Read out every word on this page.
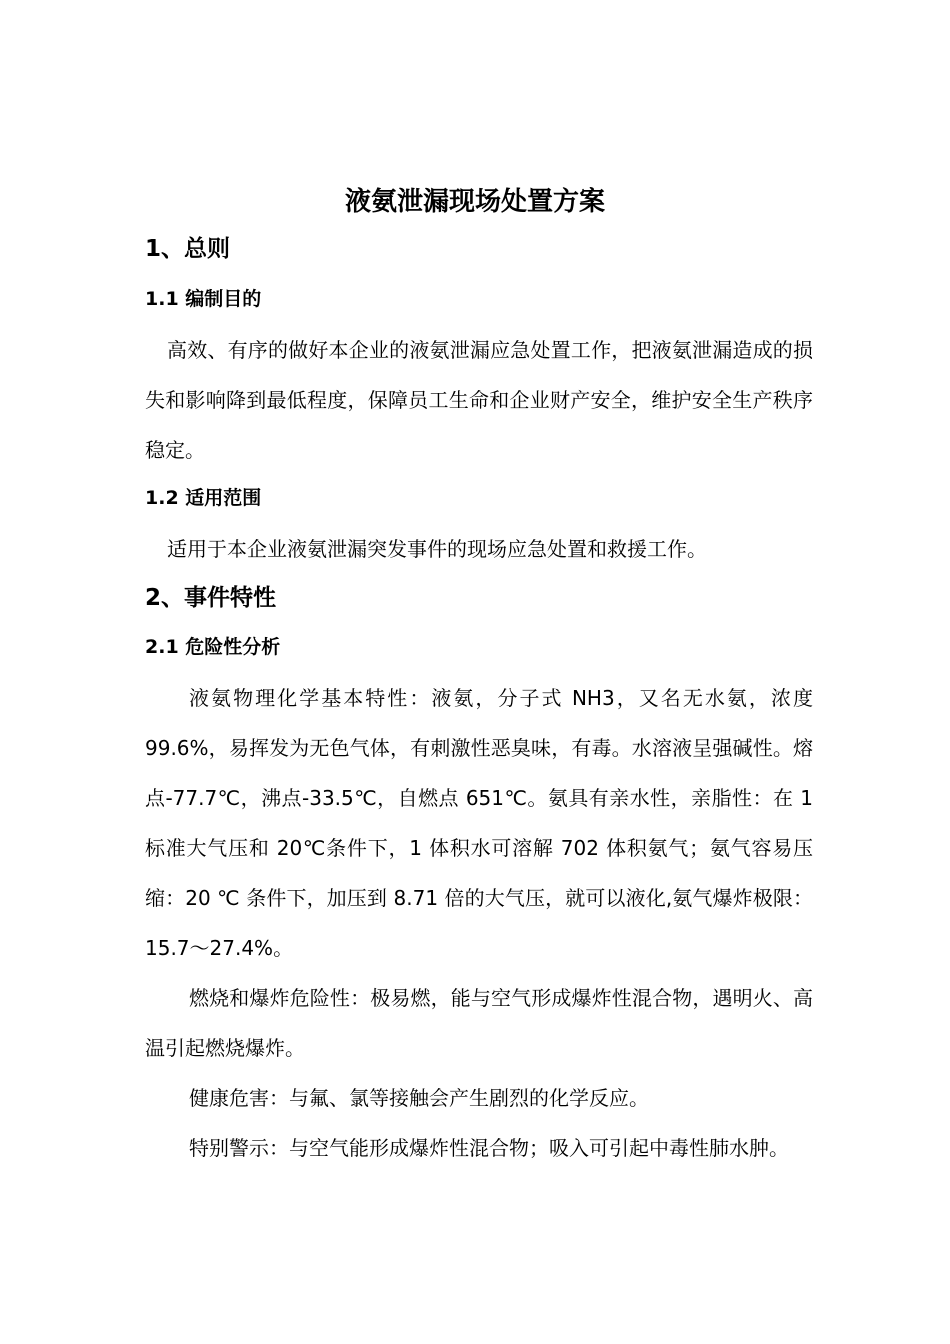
液氨泄漏现场处置方案
1、总则
1.1 编制目的

高效、有序的做好本企业的液氨泄漏应急处置工作，把液氨泄漏造成的损失和影响降到最低程度，保障员工生命和企业财产安全，维护安全生产秩序稳定。

1.2 适用范围

适用于本企业液氨泄漏突发事件的现场应急处置和救援工作。

2、事件特性
2.1 危险性分析

液氨物理化学基本特性：液氨，分子式 NH3，又名无水氨，浓度 99.6%，易挥发为无色气体，有刺激性恶臭味，有毒。水溶液呈强碱性。熔点-77.7℃，沸点-33.5℃，自燃点 651℃。氨具有亲水性，亲脂性：在 1 标准大气压和 20℃条件下，1 体积水可溶解 702 体积氨气；氨气容易压缩：20 ℃ 条件下，加压到 8.71 倍的大气压，就可以液化,氨气爆炸极限：15.7～27.4%。

燃烧和爆炸危险性：极易燃，能与空气形成爆炸性混合物，遇明火、高温引起燃烧爆炸。

健康危害：与氟、氯等接触会产生剧烈的化学反应。

特别警示：与空气能形成爆炸性混合物；吸入可引起中毒性肺水肿。
